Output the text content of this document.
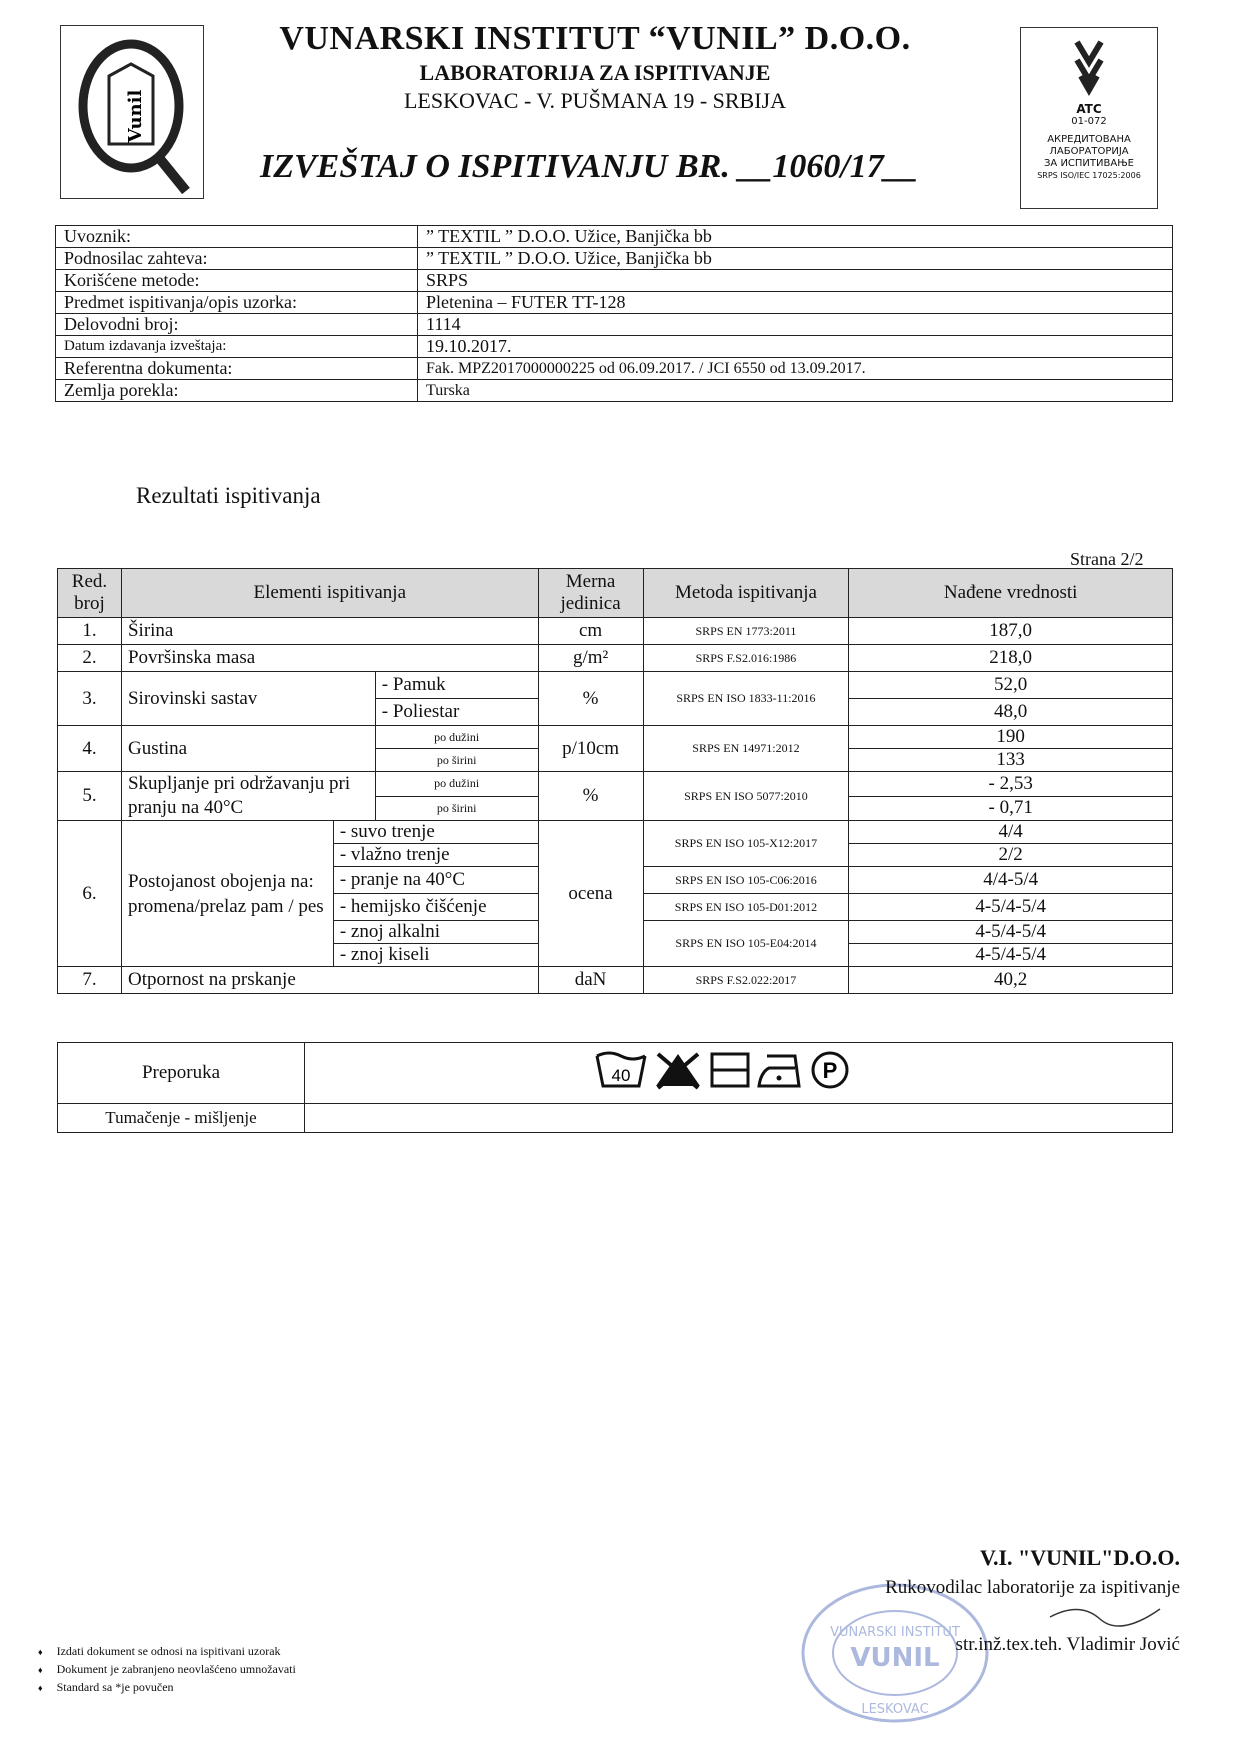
Vunil
VUNARSKI INSTITUT “VUNIL” D.O.O.
LABORATORIJA ZA ISPITIVANJE
LESKOVAC - V. PUŠMANA 19 - SRBIJA
IZVEŠTAJ O ISPITIVANJU BR. __1060/17__
ATC
01-072
АКРЕДИТОВАНА
ЛАБОРАТОРИЈА
ЗА ИСПИТИВАЊЕ
SRPS ISO/IEC 17025:2006
Uvoznik:	” TEXTIL ” D.O.O. Užice, Banjička bb
Podnosilac zahteva:	” TEXTIL ” D.O.O. Užice, Banjička bb
Korišćene metode:	SRPS
Predmet ispitivanja/opis uzorka:	Pletenina – FUTER TT-128
Delovodni broj:	1114
Datum izdavanja izveštaja:	19.10.2017.
Referentna dokumenta:	Fak. MPZ2017000000225 od 06.09.2017. / JCI 6550 od 13.09.2017.
Zemlja porekla:	Turska
Rezultati ispitivanja
Strana 2/2
Red. broj	Elementi ispitivanja			Merna jedinica	Metoda ispitivanja	Nađene vrednosti
1.	Širina			cm	SRPS EN 1773:2011	187,0
2.	Površinska masa			g/m²	SRPS F.S2.016:1986	218,0
3.	Sirovinski sastav		- Pamuk	%	SRPS EN ISO 1833-11:2016	52,0
			- Poliestar			48,0
4.	Gustina		po dužini	p/10cm	SRPS EN 14971:2012	190
			po širini			133
5.	Skupljanje pri održavanju pri pranju na 40°C		po dužini	%	SRPS EN ISO 5077:2010	- 2,53
			po širini			- 0,71
6.	Postojanost obojenja na: promena/prelaz pam / pes	- suvo trenje		ocena	SRPS EN ISO 105-X12:2017	4/4
		- vlažno trenje				2/2
		- pranje na 40°C			SRPS EN ISO 105-C06:2016	4/4-5/4
		- hemijsko čišćenje			SRPS EN ISO 105-D01:2012	4-5/4-5/4
		- znoj alkalni			SRPS EN ISO 105-E04:2014	4-5/4-5/4
		- znoj kiseli				4-5/4-5/4
7.	Otpornost na prskanje			daN	SRPS F.S2.022:2017	40,2
Preporuka	40
P

Tumačenje - mišljenje	
VUNARSKI INSTITUT
VUNIL
LESKOVAC
V.I. "VUNIL"D.O.O.
Rukovodilac laboratorije za ispitivanje
str.inž.tex.teh. Vladimir Jović
♦ Izdati dokument se odnosi na ispitivani uzorak
♦ Dokument je zabranjeno neovlašćeno umnožavati
♦ Standard sa *je povučen
